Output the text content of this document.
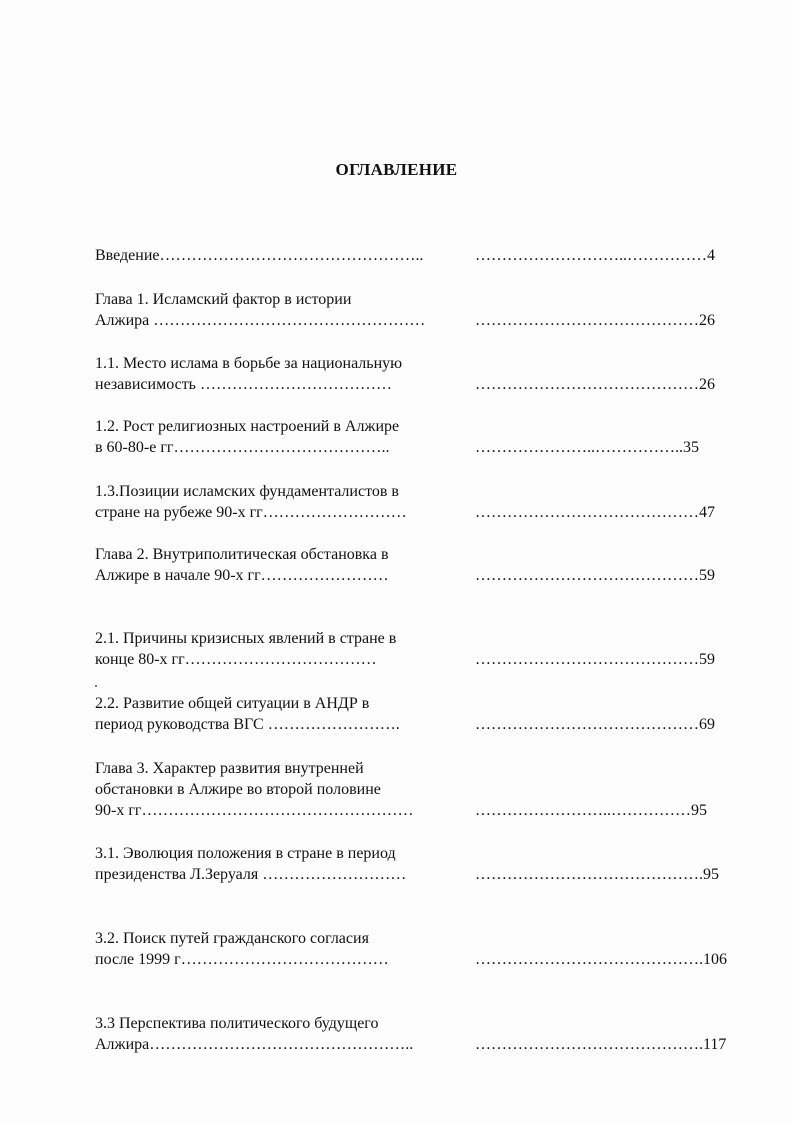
ОГЛАВЛЕНИЕ
Введение…………………………………………..	………………………..……………4
Глава 1. Исламский фактор в истории
Алжира ……………………………………………	……………………………………26
1.1. Место ислама в борьбе за национальную
независимость ………………………………	……………………………………26
1.2. Рост религиозных настроений в Алжире
в 60-80-е гг…………………………………..	…………………..……………..35
1.3.Позиции исламских фундаменталистов в
стране на рубеже 90-х гг………………………	……………………………………47
Глава 2. Внутриполитическая обстановка в
Алжире в начале 90-х гг……………………	……………………………………59
2.1. Причины кризисных явлений в стране в
конце 80-х гг………………………………	……………………………………59
2.2. Развитие общей ситуации в АНДР в
период руководства ВГС …………………….	……………………………………69
Глава 3. Характер развития внутренней
обстановки в Алжире во второй половине
90-х гг……………………………………………	……………………..……………95
3.1. Эволюция положения в стране в период
президенства Л.Зеруаля ………………………	…………………………………….95
3.2. Поиск путей гражданского согласия
после 1999 г…………………………………	…………………………………….106
3.3 Перспектива политического будущего
Алжира…………………………………………..	…………………………………….117
